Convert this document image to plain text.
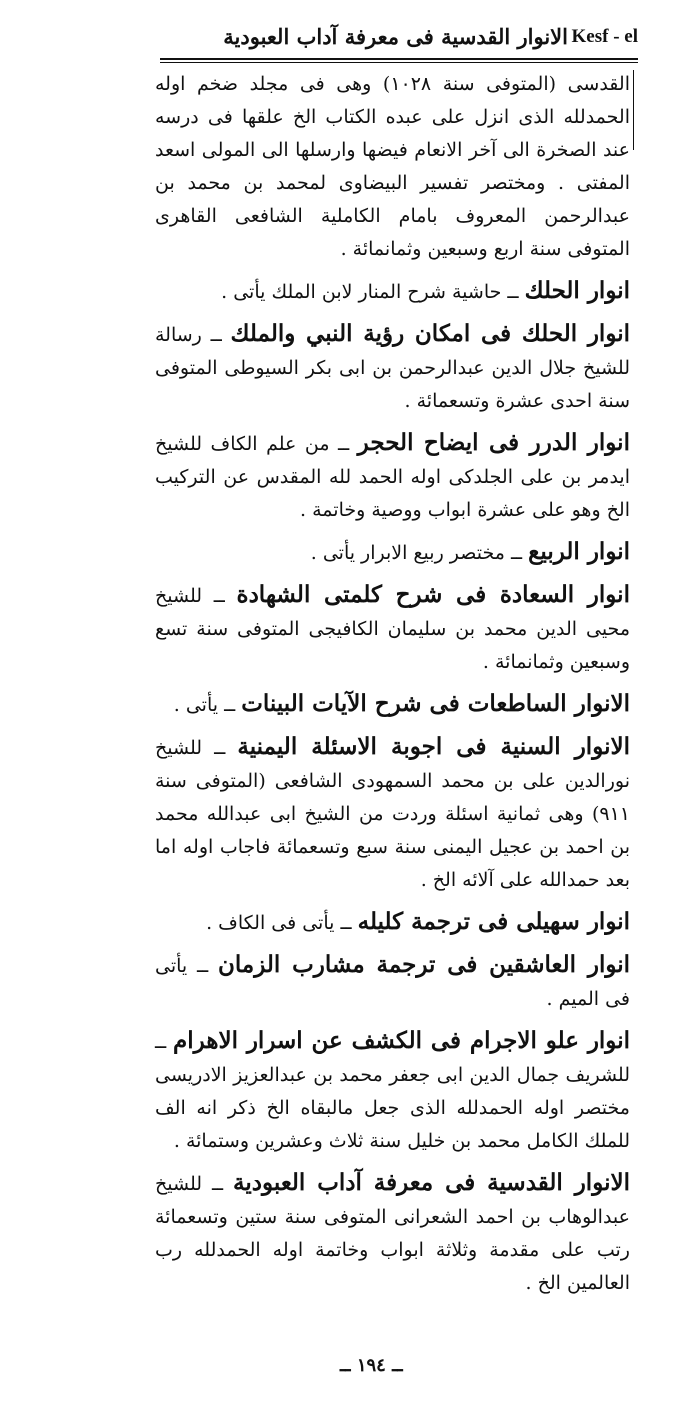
الانوار القدسية فى معرفة آداب العبودية Kesf - el

القدسى (المتوفى سنة ١٠٢٨) وهى فى مجلد ضخم اوله الحمدلله الذى انزل على عبده الكتاب الخ علقها فى درسه عند الصخرة الى آخر الانعام فيضها وارسلها الى المولى اسعد المفتى . ومختصر تفسير البيضاوى لمحمد بن محمد بن عبدالرحمن المعروف بامام الكاملية الشافعى القاهرى المتوفى سنة اربع وسبعين وثمانمائة .

انوار الحلك ــ حاشية شرح المنار لابن الملك يأتى .

انوار الحلك فى امكان رؤية النبي والملك ــ رسالة للشيخ جلال الدين عبدالرحمن بن ابى بكر السيوطى المتوفى سنة احدى عشرة وتسعمائة .

انوار الدرر فى ايضاح الحجر ــ من علم الكاف للشيخ ايدمر بن على الجلدكى اوله الحمد لله المقدس عن التركيب الخ وهو على عشرة ابواب ووصية وخاتمة .

انوار الربيع ــ مختصر ربيع الابرار يأتى .

انوار السعادة فى شرح كلمتى الشهادة ــ للشيخ محيى الدين محمد بن سليمان الكافيجى المتوفى سنة تسع وسبعين وثمانمائة .

الانوار الساطعات فى شرح الآيات البينات ــ يأتى .

الانوار السنية فى اجوبة الاسئلة اليمنية ــ للشيخ نورالدين على بن محمد السمهودى الشافعى (المتوفى سنة ٩١١) وهى ثمانية اسئلة وردت من الشيخ ابى عبدالله محمد بن احمد بن عجيل اليمنى سنة سبع وتسعمائة فاجاب اوله اما بعد حمدالله على آلائه الخ .

انوار سهيلى فى ترجمة كليله ــ يأتى فى الكاف .

انوار العاشقين فى ترجمة مشارب الزمان ــ يأتى فى الميم .

انوار علو الاجرام فى الكشف عن اسرار الاهرام ــ للشريف جمال الدين ابى جعفر محمد بن عبدالعزيز الادريسى مختصر اوله الحمدلله الذى جعل مالبقاه الخ ذكر انه الف للملك الكامل محمد بن خليل سنة ثلاث وعشرين وستمائة .

الانوار القدسية فى معرفة آداب العبودية ــ للشيخ عبدالوهاب بن احمد الشعرانى المتوفى سنة ستين وتسعمائة رتب على مقدمة وثلاثة ابواب وخاتمة اوله الحمدلله رب العالمين الخ .

ــ ١٩٤ ــ
